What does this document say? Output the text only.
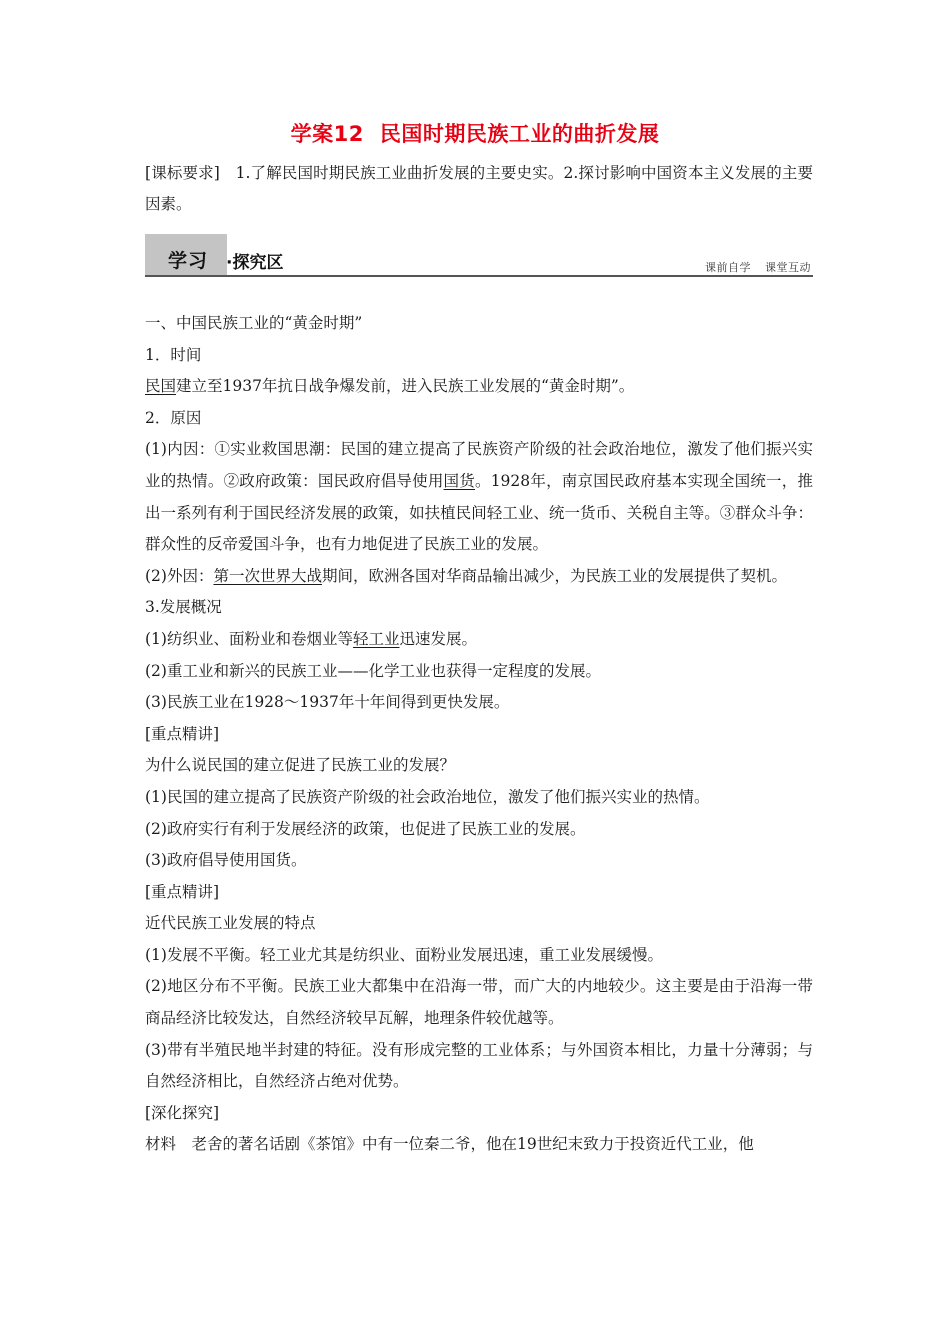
学案12 民国时期民族工业的曲折发展

[课标要求]　1.了解民国时期民族工业曲折发展的主要史实。2.探讨影响中国资本主义发展的主要因素。

学习 ·探究区	课前自学 课堂互动

一、中国民族工业的“黄金时期”

1．时间

民国建立至1937年抗日战争爆发前，进入民族工业发展的“黄金时期”。

2．原因

(1)内因：①实业救国思潮：民国的建立提高了民族资产阶级的社会政治地位，激发了他们振兴实业的热情。②政府政策：国民政府倡导使用国货。1928年，南京国民政府基本实现全国统一，推出一系列有利于国民经济发展的政策，如扶植民间轻工业、统一货币、关税自主等。③群众斗争：群众性的反帝爱国斗争，也有力地促进了民族工业的发展。

(2)外因：第一次世界大战期间，欧洲各国对华商品输出减少，为民族工业的发展提供了契机。

3.发展概况

(1)纺织业、面粉业和卷烟业等轻工业迅速发展。

(2)重工业和新兴的民族工业——化学工业也获得一定程度的发展。

(3)民族工业在1928～1937年十年间得到更快发展。

[重点精讲]

为什么说民国的建立促进了民族工业的发展？

(1)民国的建立提高了民族资产阶级的社会政治地位，激发了他们振兴实业的热情。

(2)政府实行有利于发展经济的政策，也促进了民族工业的发展。

(3)政府倡导使用国货。

[重点精讲]

近代民族工业发展的特点

(1)发展不平衡。轻工业尤其是纺织业、面粉业发展迅速，重工业发展缓慢。

(2)地区分布不平衡。民族工业大都集中在沿海一带，而广大的内地较少。这主要是由于沿海一带商品经济比较发达，自然经济较早瓦解，地理条件较优越等。

(3)带有半殖民地半封建的特征。没有形成完整的工业体系；与外国资本相比，力量十分薄弱；与自然经济相比，自然经济占绝对优势。

[深化探究]

材料　老舍的著名话剧《茶馆》中有一位秦二爷，他在19世纪末致力于投资近代工业，他
